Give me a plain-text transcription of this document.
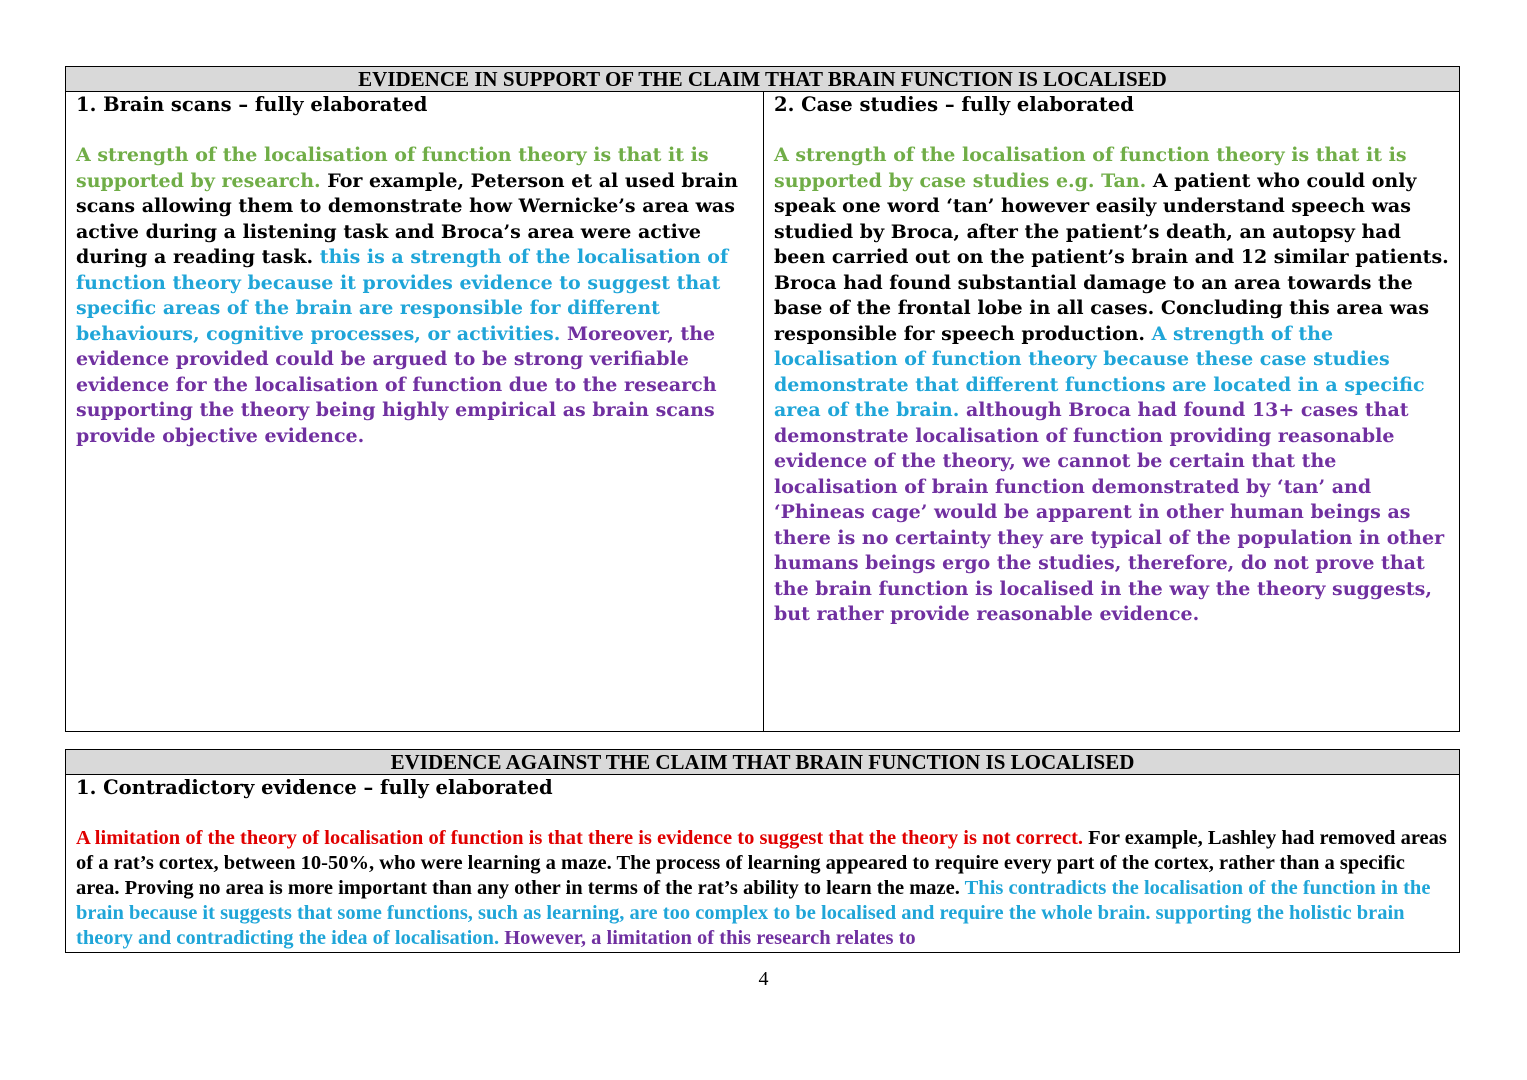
EVIDENCE IN SUPPORT OF THE CLAIM THAT BRAIN FUNCTION IS LOCALISED

1. Brain scans – fully elaborated

A strength of the localisation of function theory is that it is supported by research. For example, Peterson et al used brain scans allowing them to demonstrate how Wernicke’s area was active during a listening task and Broca’s area were active during a reading task. this is a strength of the localisation of function theory because it provides evidence to suggest that specific areas of the brain are responsible for different behaviours, cognitive processes, or activities. Moreover, the evidence provided could be argued to be strong verifiable evidence for the localisation of function due to the research supporting the theory being highly empirical as brain scans provide objective evidence.

2. Case studies – fully elaborated

A strength of the localisation of function theory is that it is supported by case studies e.g. Tan. A patient who could only speak one word ‘tan’ however easily understand speech was studied by Broca, after the patient’s death, an autopsy had been carried out on the patient’s brain and 12 similar patients. Broca had found substantial damage to an area towards the base of the frontal lobe in all cases. Concluding this area was responsible for speech production. A strength of the localisation of function theory because these case studies demonstrate that different functions are located in a specific area of the brain. although Broca had found 13+ cases that demonstrate localisation of function providing reasonable evidence of the theory, we cannot be certain that the localisation of brain function demonstrated by ‘tan’ and ‘Phineas cage’ would be apparent in other human beings as there is no certainty they are typical of the population in other humans beings ergo the studies, therefore, do not prove that the brain function is localised in the way the theory suggests, but rather provide reasonable evidence.

EVIDENCE AGAINST THE CLAIM THAT BRAIN FUNCTION IS LOCALISED

1. Contradictory evidence – fully elaborated

A limitation of the theory of localisation of function is that there is evidence to suggest that the theory is not correct. For example, Lashley had removed areas of a rat’s cortex, between 10-50%, who were learning a maze. The process of learning appeared to require every part of the cortex, rather than a specific area. Proving no area is more important than any other in terms of the rat’s ability to learn the maze. This contradicts the localisation of the function in the brain because it suggests that some functions, such as learning, are too complex to be localised and require the whole brain. supporting the holistic brain theory and contradicting the idea of localisation. However, a limitation of this research relates to

4
